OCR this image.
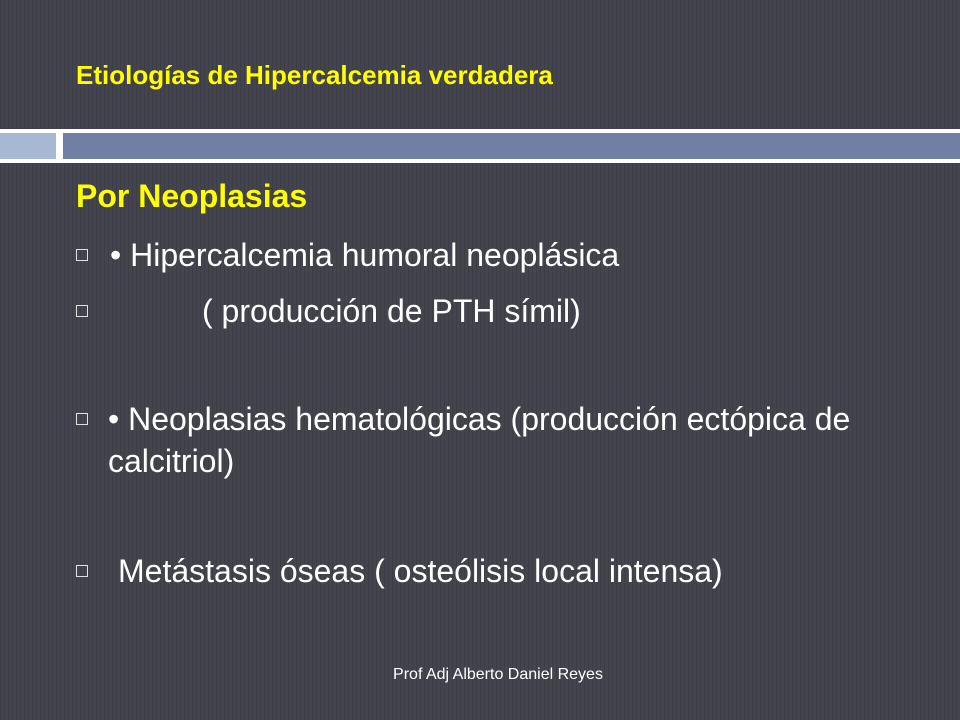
Etiologías de Hipercalcemia verdadera
Por Neoplasias
• Hipercalcemia humoral neoplásica
( producción de PTH símil)
• Neoplasias hematológicas (producción ectópica de calcitriol)
Metástasis óseas ( osteólisis local intensa)
Prof Adj Alberto Daniel Reyes
